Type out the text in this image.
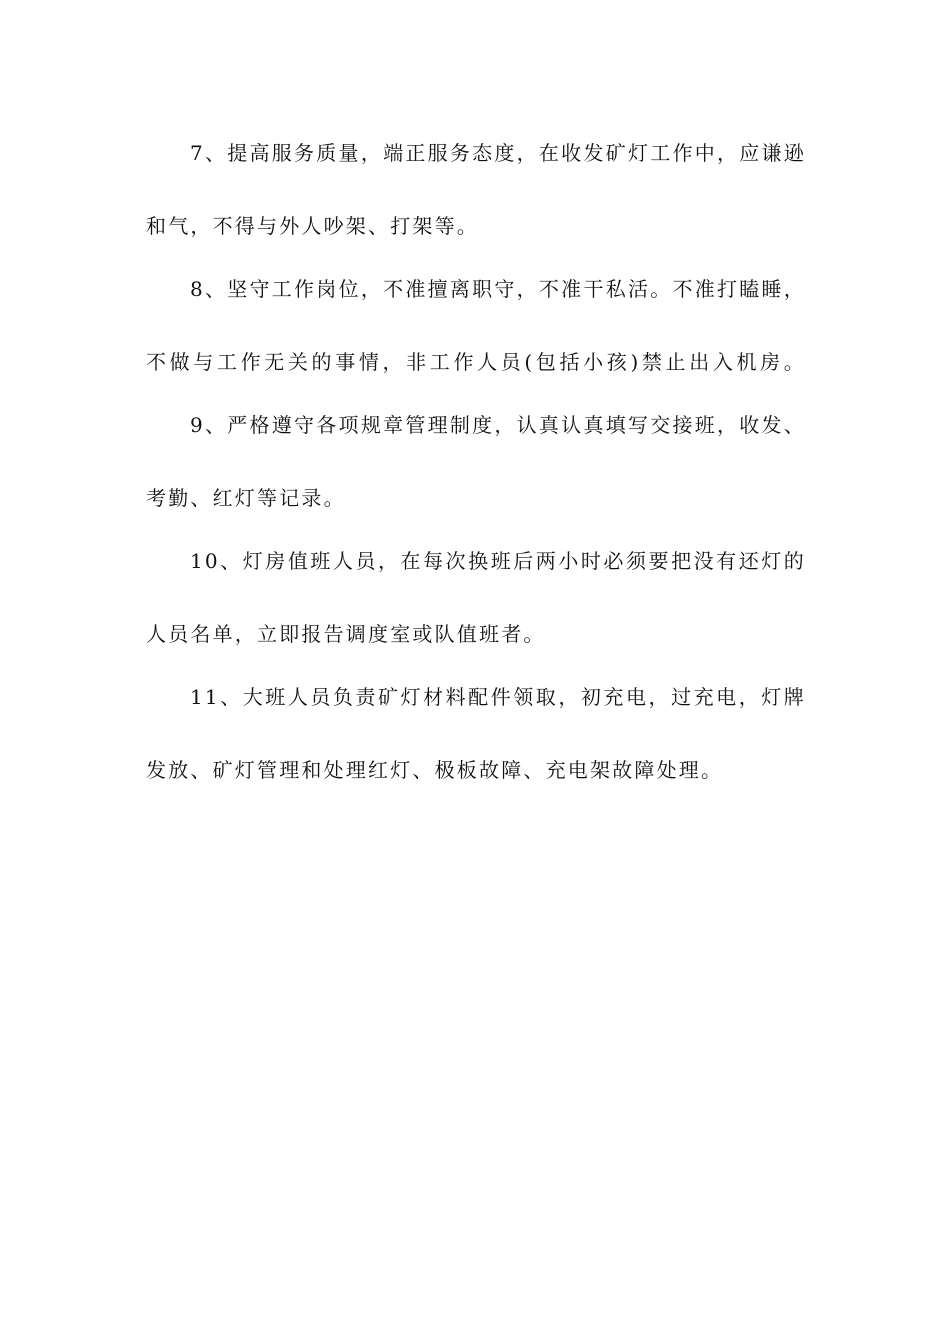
7、提高服务质量，端正服务态度，在收发矿灯工作中，应谦逊

和气，不得与外人吵架、打架等。

8、坚守工作岗位，不准擅离职守，不准干私活。不准打瞌睡，

不做与工作无关的事情，非工作人员(包括小孩)禁止出入机房。

9、严格遵守各项规章管理制度，认真认真填写交接班，收发、

考勤、红灯等记录。

10、灯房值班人员，在每次换班后两小时必须要把没有还灯的

人员名单，立即报告调度室或队值班者。

11、大班人员负责矿灯材料配件领取，初充电，过充电，灯牌

发放、矿灯管理和处理红灯、极板故障、充电架故障处理。
